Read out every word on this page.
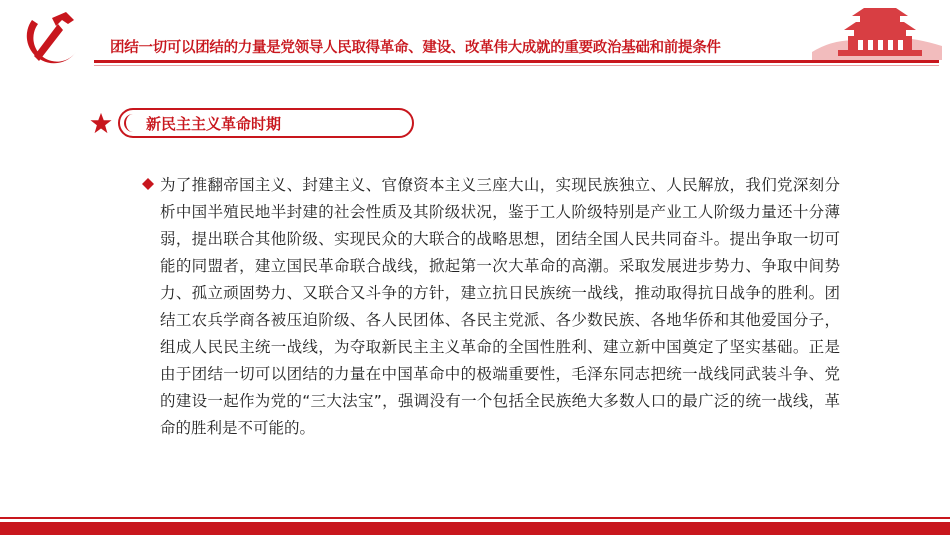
团结一切可以团结的力量是党领导人民取得革命、建设、改革伟大成就的重要政治基础和前提条件
新民主主义革命时期

为了推翻帝国主义、封建主义、官僚资本主义三座大山，实现民族独立、人民解放，我们党深刻分析中国半殖民地半封建的社会性质及其阶级状况，鉴于工人阶级特别是产业工人阶级力量还十分薄弱，提出联合其他阶级、实现民众的大联合的战略思想，团结全国人民共同奋斗。提出争取一切可能的同盟者，建立国民革命联合战线，掀起第一次大革命的高潮。采取发展进步势力、争取中间势力、孤立顽固势力、又联合又斗争的方针，建立抗日民族统一战线，推动取得抗日战争的胜利。团结工农兵学商各被压迫阶级、各人民团体、各民主党派、各少数民族、各地华侨和其他爱国分子，组成人民民主统一战线，为夺取新民主主义革命的全国性胜利、建立新中国奠定了坚实基础。正是由于团结一切可以团结的力量在中国革命中的极端重要性，毛泽东同志把统一战线同武装斗争、党的建设一起作为党的“三大法宝”，强调没有一个包括全民族绝大多数人口的最广泛的统一战线，革命的胜利是不可能的。
